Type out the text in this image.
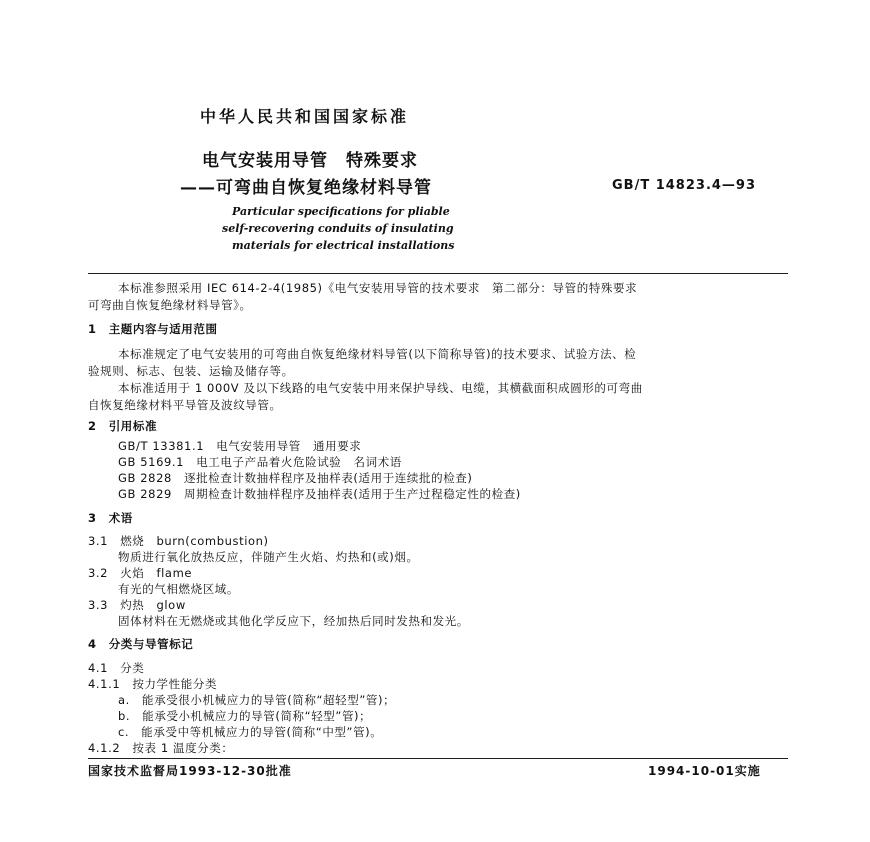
中华人民共和国国家标准
电气安装用导管　特殊要求
——可弯曲自恢复绝缘材料导管	GB/T 14823.4—93
Particular specifications for pliable
self-recovering conduits of insulating
materials for electrical installations
本标准参照采用 IEC 614-2-4(1985)《电气安装用导管的技术要求　第二部分：导管的特殊要求
可弯曲自恢复绝缘材料导管》。
1　主题内容与适用范围
本标准规定了电气安装用的可弯曲自恢复绝缘材料导管(以下简称导管)的技术要求、试验方法、检
验规则、标志、包装、运输及储存等。
本标准适用于 1 000V 及以下线路的电气安装中用来保护导线、电缆，其横截面积成圆形的可弯曲
自恢复绝缘材料平导管及波纹导管。
2　引用标准
GB/T 13381.1　电气安装用导管　通用要求
GB 5169.1　电工电子产品着火危险试验　名词术语
GB 2828　逐批检查计数抽样程序及抽样表(适用于连续批的检查)
GB 2829　周期检查计数抽样程序及抽样表(适用于生产过程稳定性的检查)
3　术语
3.1　燃烧　burn(combustion)
物质进行氧化放热反应，伴随产生火焰、灼热和(或)烟。
3.2　火焰　flame
有光的气相燃烧区域。
3.3　灼热　glow
固体材料在无燃烧或其他化学反应下，经加热后同时发热和发光。
4　分类与导管标记
4.1　分类
4.1.1　按力学性能分类
a.　能承受很小机械应力的导管(简称“超轻型”管)；
b.　能承受小机械应力的导管(简称“轻型”管)；
c.　能承受中等机械应力的导管(简称“中型”管)。
4.1.2　按表 1 温度分类：
国家技术监督局1993-12-30批准	1994-10-01实施
